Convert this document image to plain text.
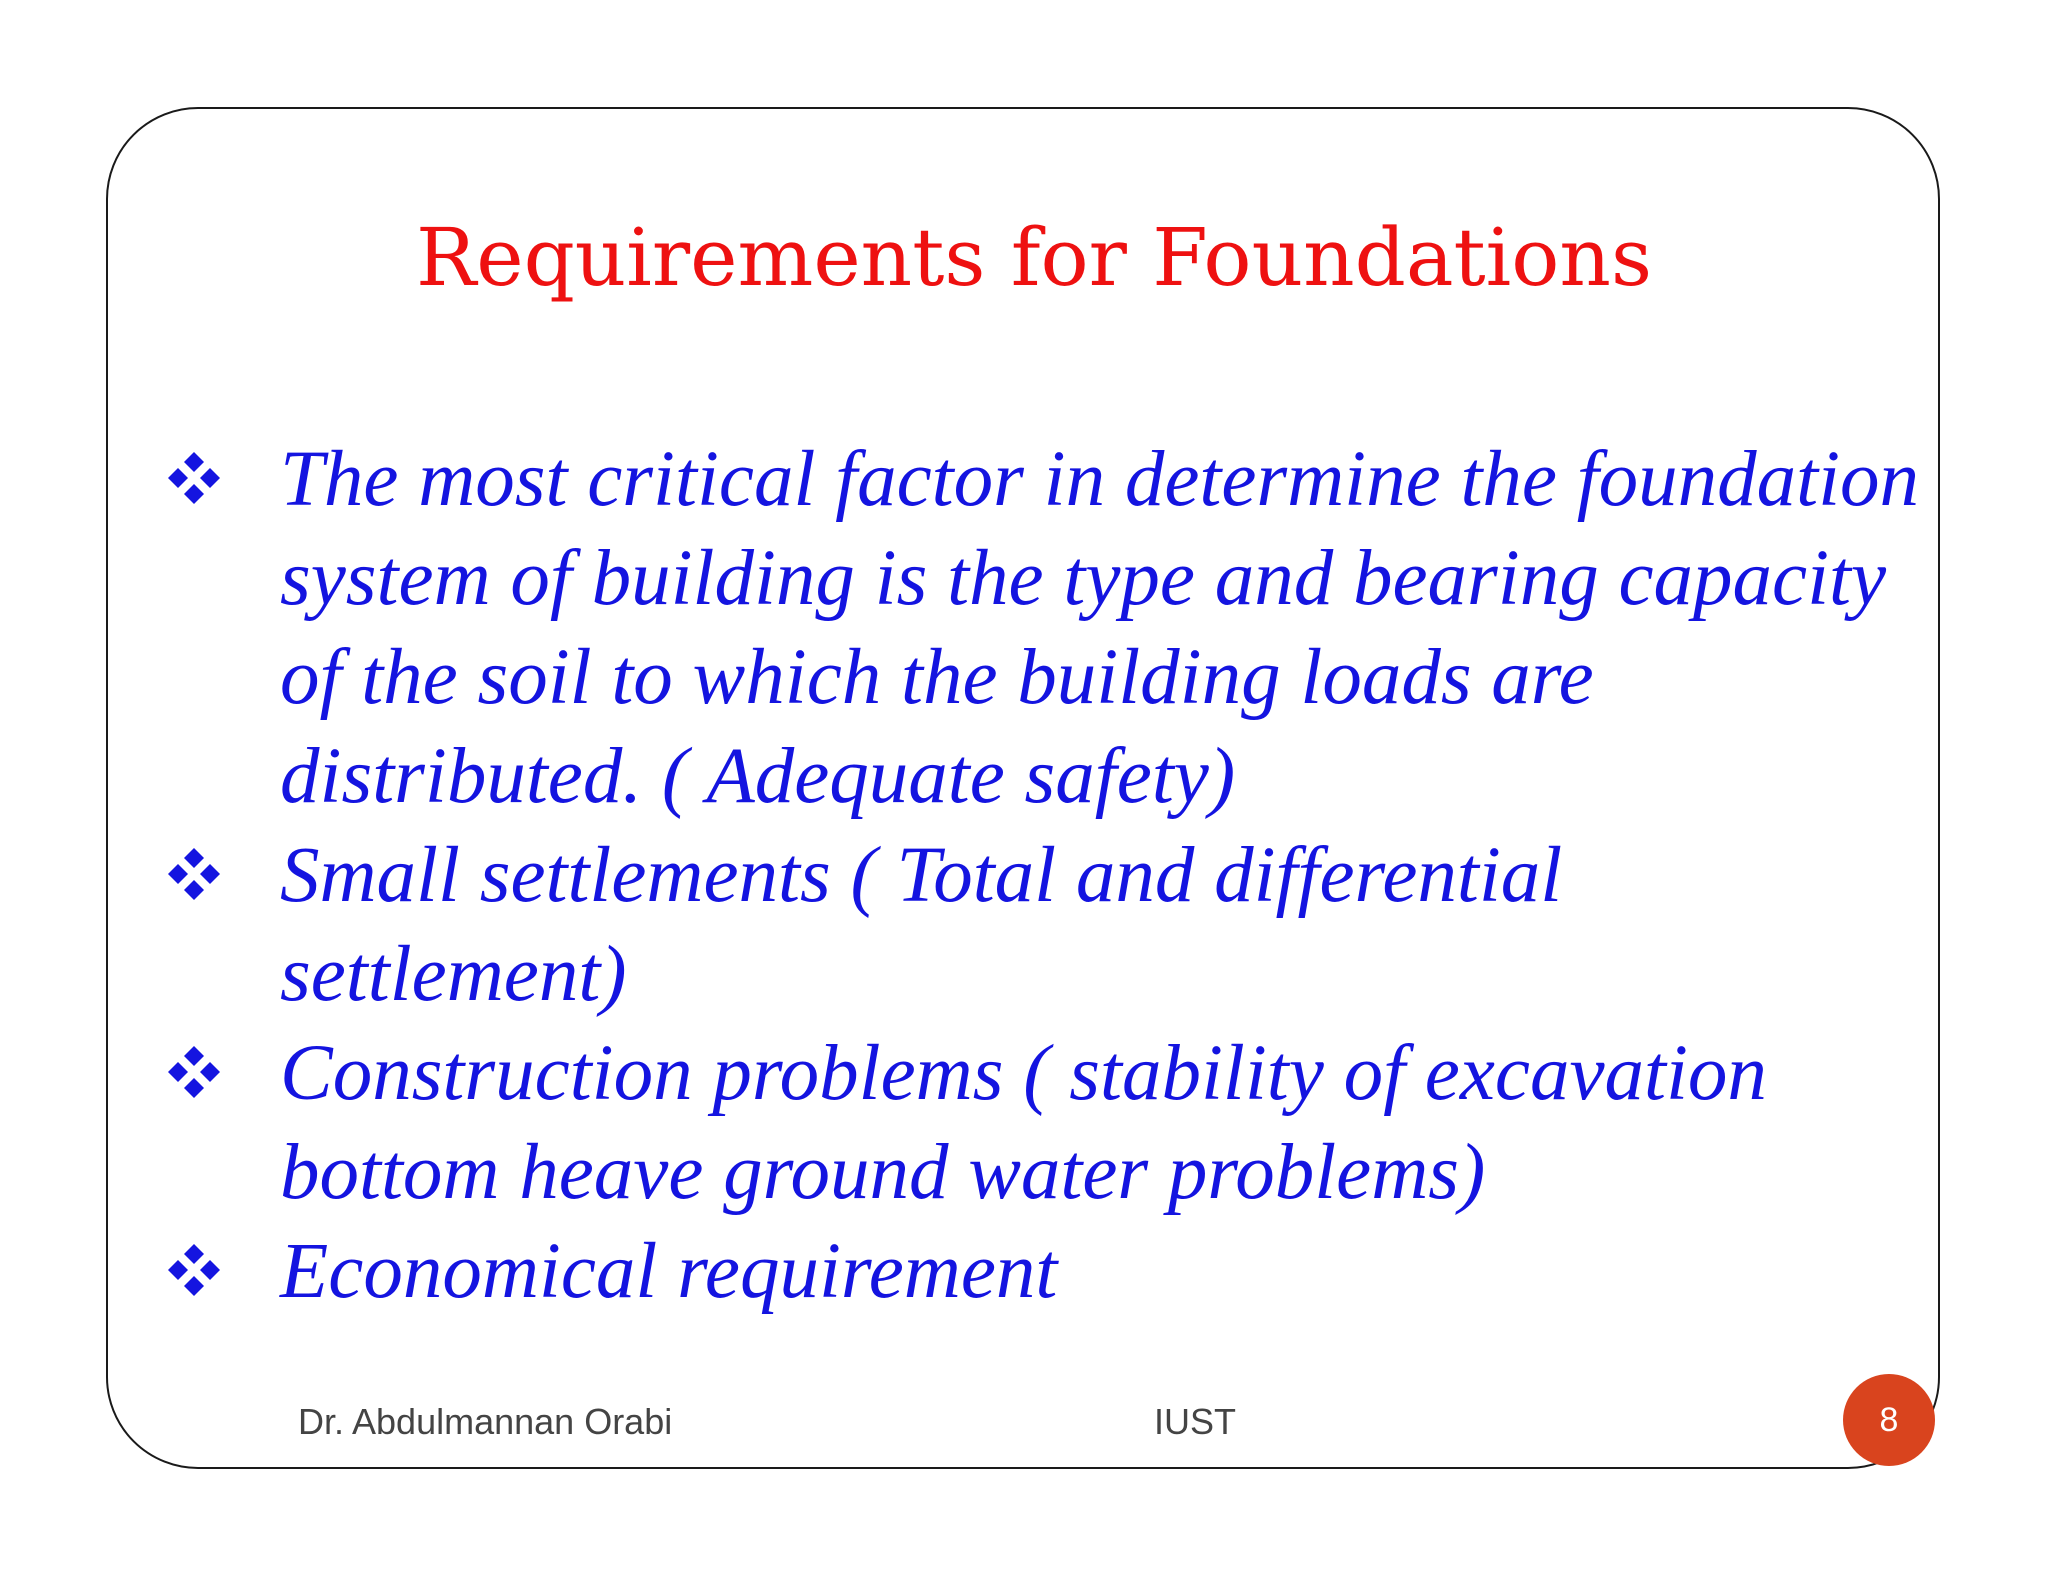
Requirements for Foundations
The most critical factor in determine the foundation
system of building is the type and bearing capacity
of the soil to which the building loads are
distributed. ( Adequate safety)
Small settlements ( Total and differential settlement)
Construction problems ( stability of excavation
bottom heave ground water problems)
Economical requirement
Dr. Abdulmannan Orabi	IUST	8
